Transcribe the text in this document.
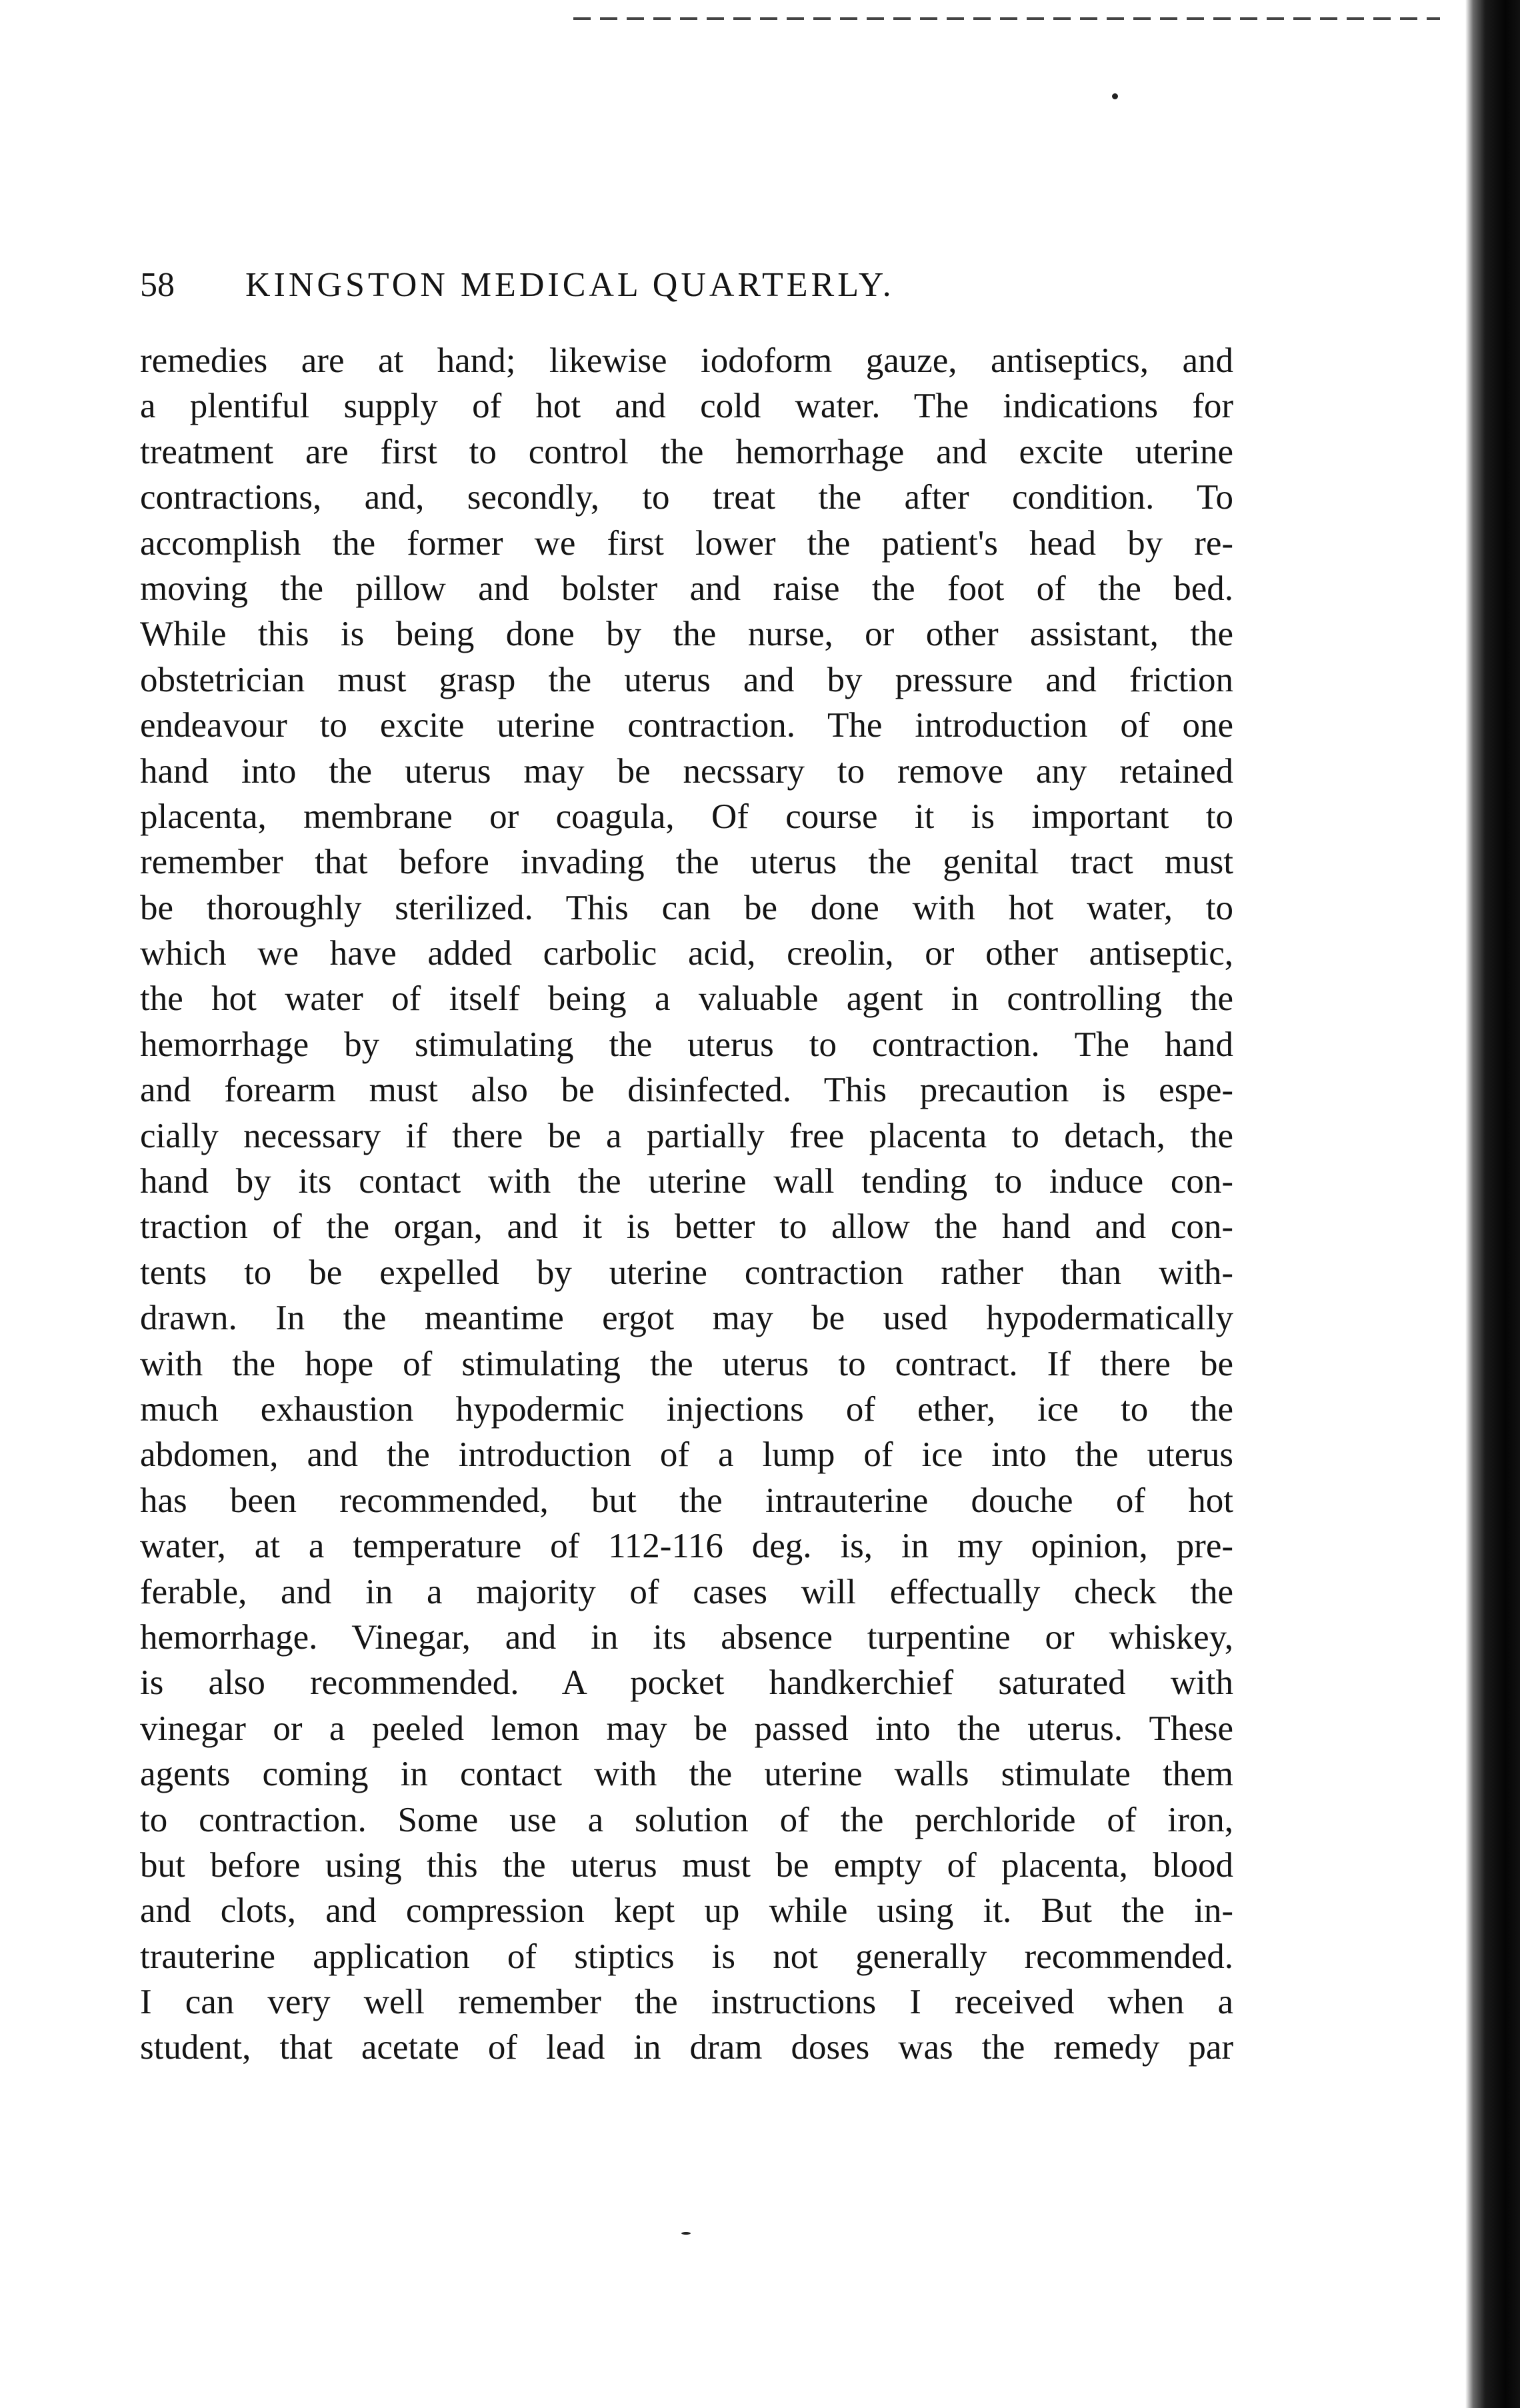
58 KINGSTON MEDICAL QUARTERLY.
remedies are at hand; likewise iodoform gauze, antiseptics, and
a plentiful supply of hot and cold water. The indications for
treatment are first to control the hemorrhage and excite uterine
contractions, and, secondly, to treat the after condition. To
accomplish the former we first lower the patient's head by re-
moving the pillow and bolster and raise the foot of the bed.
While this is being done by the nurse, or other assistant, the
obstetrician must grasp the uterus and by pressure and friction
endeavour to excite uterine contraction. The introduction of one
hand into the uterus may be necssary to remove any retained
placenta, membrane or coagula, Of course it is important to
remember that before invading the uterus the genital tract must
be thoroughly sterilized. This can be done with hot water, to
which we have added carbolic acid, creolin, or other antiseptic,
the hot water of itself being a valuable agent in controlling the
hemorrhage by stimulating the uterus to contraction. The hand
and forearm must also be disinfected. This precaution is espe-
cially necessary if there be a partially free placenta to detach, the
hand by its contact with the uterine wall tending to induce con-
traction of the organ, and it is better to allow the hand and con-
tents to be expelled by uterine contraction rather than with-
drawn. In the meantime ergot may be used hypodermatically
with the hope of stimulating the uterus to contract. If there be
much exhaustion hypodermic injections of ether, ice to the
abdomen, and the introduction of a lump of ice into the uterus
has been recommended, but the intrauterine douche of hot
water, at a temperature of 112-116 deg. is, in my opinion, pre-
ferable, and in a majority of cases will effectually check the
hemorrhage. Vinegar, and in its absence turpentine or whiskey,
is also recommended. A pocket handkerchief saturated with
vinegar or a peeled lemon may be passed into the uterus. These
agents coming in contact with the uterine walls stimulate them
to contraction. Some use a solution of the perchloride of iron,
but before using this the uterus must be empty of placenta, blood
and clots, and compression kept up while using it. But the in-
trauterine application of stiptics is not generally recommended.
I can very well remember the instructions I received when a
student, that acetate of lead in dram doses was the remedy par
